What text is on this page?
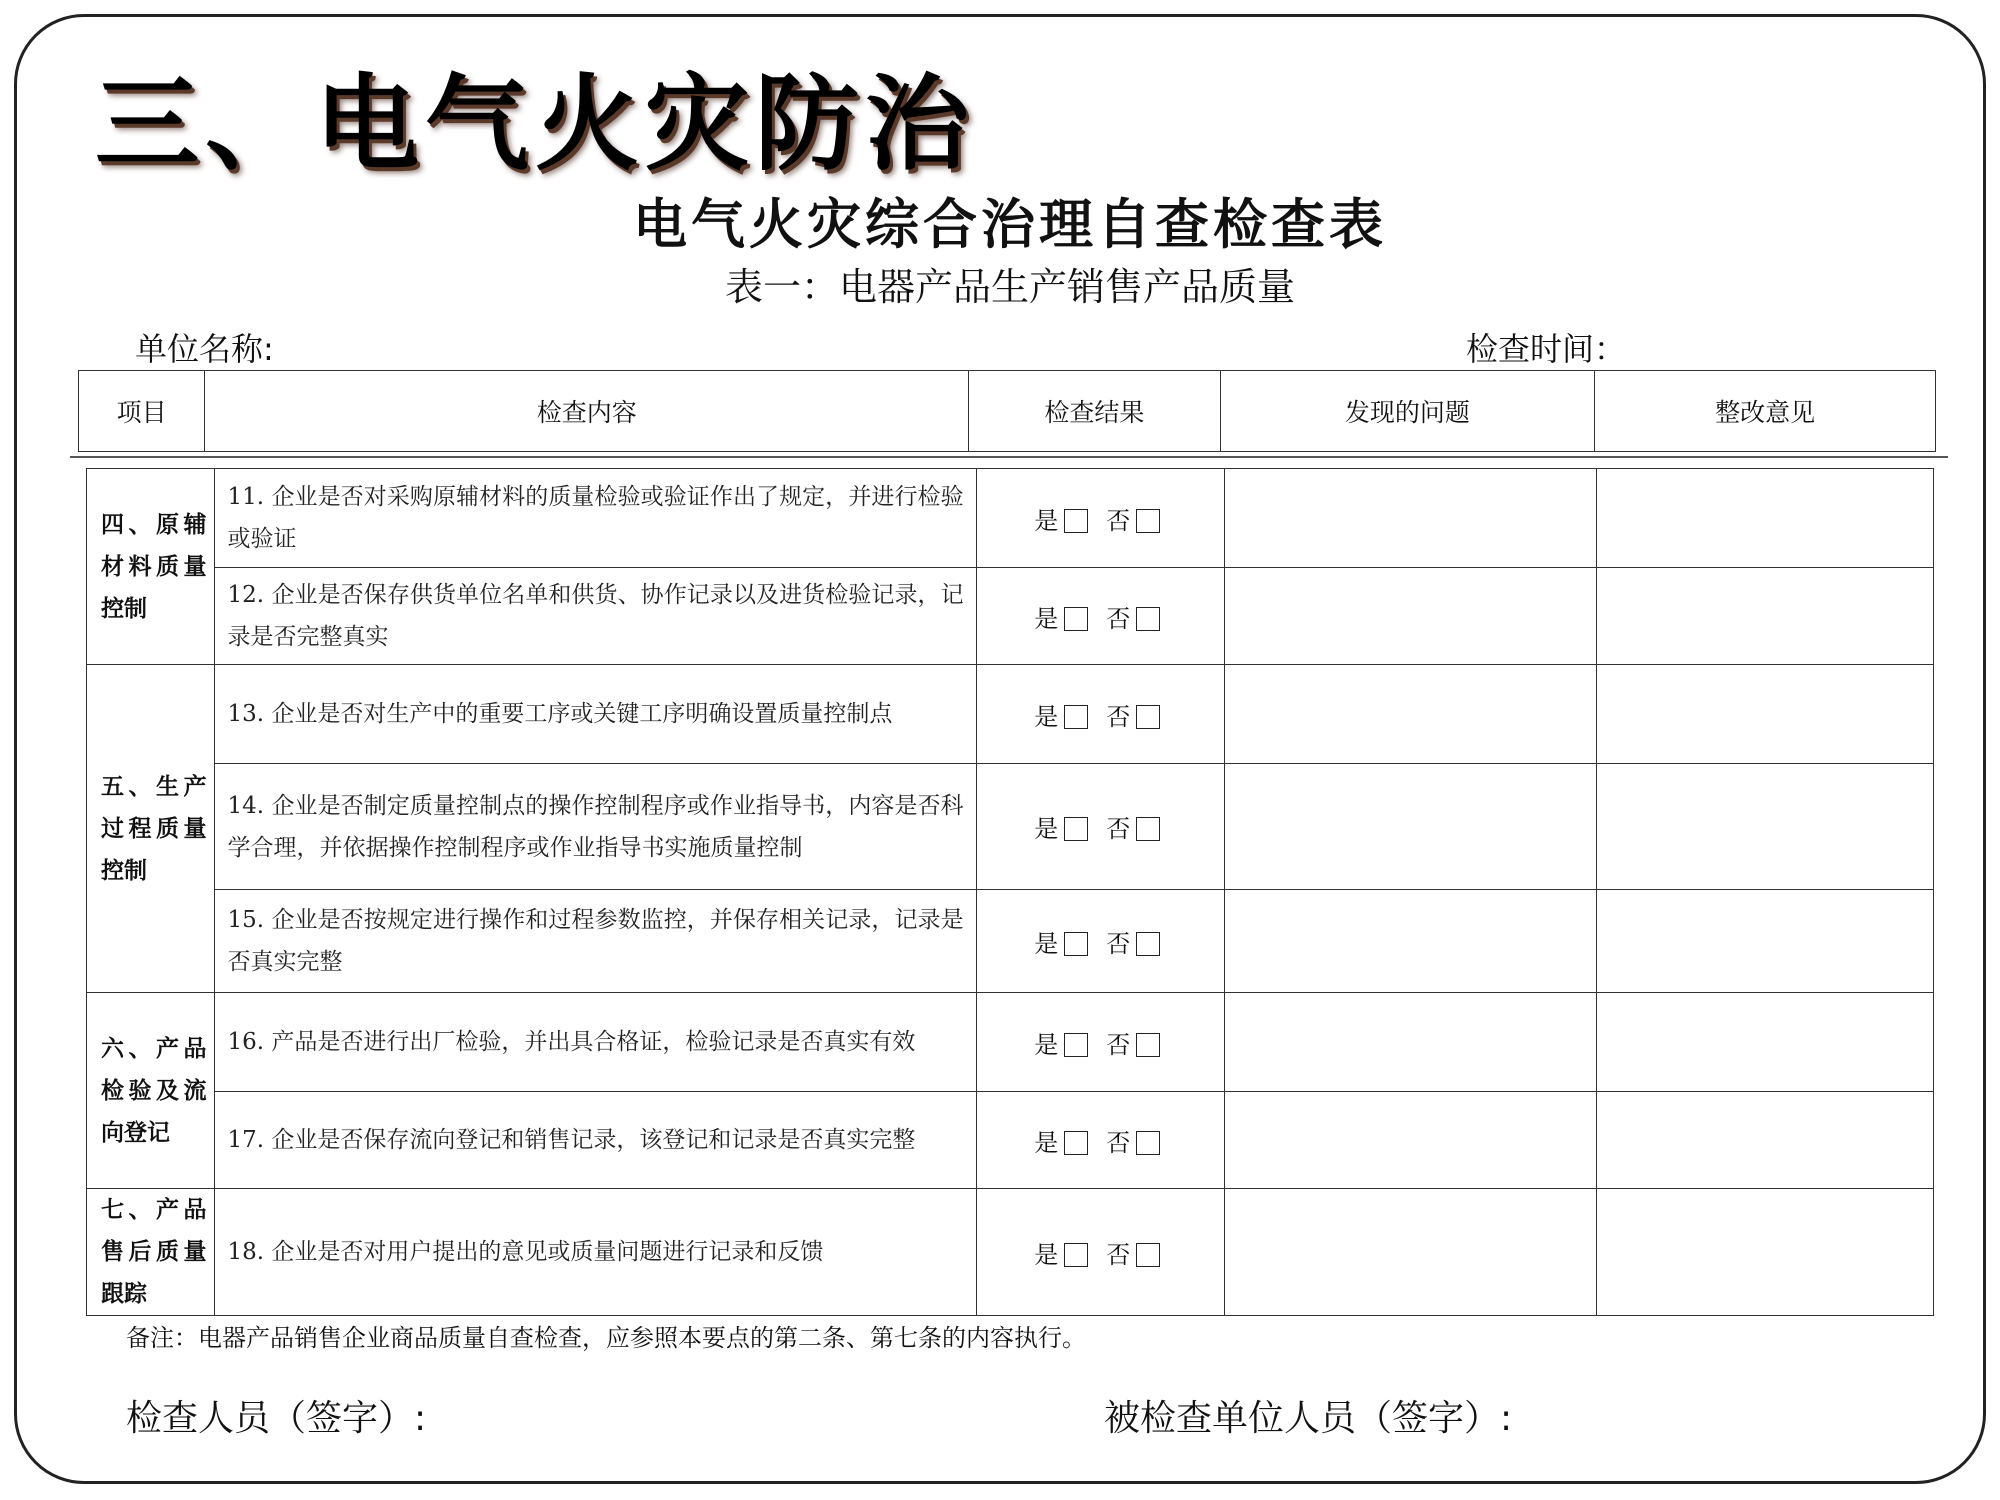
三、电气火灾防治
电气火灾综合治理自查检查表
表一：电器产品生产销售产品质量
单位名称:	检查时间：
项目	检查内容	检查结果	发现的问题	整改意见
四、原辅材料质量控制	11. 企业是否对采购原辅材料的质量检验或验证作出了规定，并进行检验或验证	是 否		
	12. 企业是否保存供货单位名单和供货、协作记录以及进货检验记录，记录是否完整真实	是 否		
五、生产过程质量控制	13. 企业是否对生产中的重要工序或关键工序明确设置质量控制点	是 否		
	14. 企业是否制定质量控制点的操作控制程序或作业指导书，内容是否科学合理，并依据操作控制程序或作业指导书实施质量控制	是 否		
	15. 企业是否按规定进行操作和过程参数监控，并保存相关记录，记录是否真实完整	是 否		
六、产品检验及流向登记	16. 产品是否进行出厂检验，并出具合格证，检验记录是否真实有效	是 否		
	17. 企业是否保存流向登记和销售记录，该登记和记录是否真实完整	是 否		
七、产品售后质量跟踪	18. 企业是否对用户提出的意见或质量问题进行记录和反馈	是 否		
备注：电器产品销售企业商品质量自查检查，应参照本要点的第二条、第七条的内容执行。
检查人员（签字）:	被检查单位人员（签字）:
